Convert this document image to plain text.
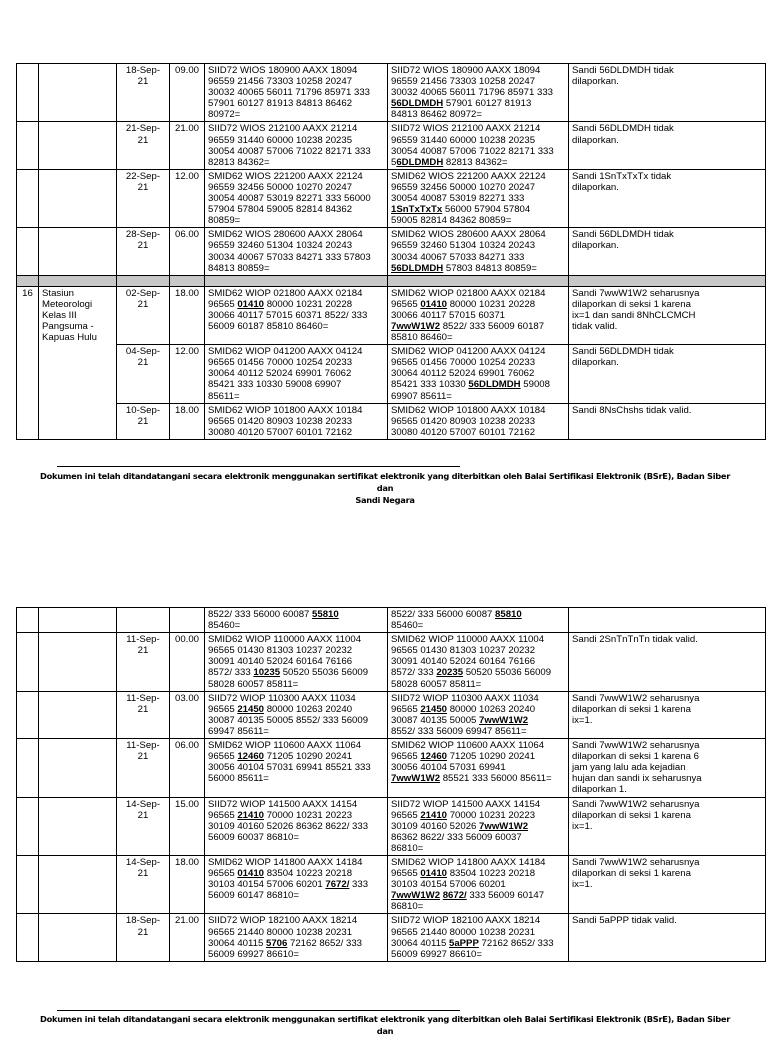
		18-Sep-
21	09.00	SIID72 WIOS 180900 AAXX 18094
96559 21456 73303 10258 20247
30032 40065 56011 71796 85971 333
57901 60127 81913 84813 86462
80972=	SIID72 WIOS 180900 AAXX 18094
96559 21456 73303 10258 20247
30032 40065 56011 71796 85971 333
56DLDMDH 57901 60127 81913
84813 86462 80972=	Sandi 56DLDMDH tidak
dilaporkan.

		21-Sep-
21	21.00	SIID72 WIOS 212100 AAXX 21214
96559 31440 60000 10238 20235
30054 40087 57006 71022 82171 333
82813 84362=	SIID72 WIOS 212100 AAXX 21214
96559 31440 60000 10238 20235
30054 40087 57006 71022 82171 333
56DLDMDH 82813 84362=	Sandi 56DLDMDH tidak
dilaporkan.

		22-Sep-
21	12.00	SMID62 WIOS 221200 AAXX 22124
96559 32456 50000 10270 20247
30054 40087 53019 82271 333 56000
57904 57804 59005 82814 84362
80859=	SMID62 WIOS 221200 AAXX 22124
96559 32456 50000 10270 20247
30054 40087 53019 82271 333
1SnTxTxTx 56000 57904 57804
59005 82814 84362 80859=	Sandi 1SnTxTxTx tidak
dilaporkan.

		28-Sep-
21	06.00	SMID62 WIOS 280600 AAXX 28064
96559 32460 51304 10324 20243
30034 40067 57033 84271 333 57803
84813 80859=	SMID62 WIOS 280600 AAXX 28064
96559 32460 51304 10324 20243
30034 40067 57033 84271 333
56DLDMDH 57803 84813 80859=	Sandi 56DLDMDH tidak
dilaporkan.

16	Stasiun
Meteorologi
Kelas III
Pangsuma -
Kapuas Hulu	02-Sep-
21	18.00	SMID62 WIOP 021800 AAXX 02184
96565 01410 80000 10231 20228
30066 40117 57015 60371 8522/ 333
56009 60187 85810 86460=	SMID62 WIOP 021800 AAXX 02184
96565 01410 80000 10231 20228
30066 40117 57015 60371
7wwW1W2 8522/ 333 56009 60187
85810 86460=	Sandi 7wwW1W2 seharusnya
dilaporkan di seksi 1 karena
ix=1 dan sandi 8NhCLCMCH
tidak valid.

		04-Sep-
21	12.00	SMID62 WIOP 041200 AAXX 04124
96565 01456 70000 10254 20233
30064 40112 52024 69901 76062
85421 333 10330 59008 69907
85611=	SMID62 WIOP 041200 AAXX 04124
96565 01456 70000 10254 20233
30064 40112 52024 69901 76062
85421 333 10330 56DLDMDH 59008
69907 85611=	Sandi 56DLDMDH tidak
dilaporkan.

		10-Sep-
21	18.00	SMID62 WIOP 101800 AAXX 10184
96565 01420 80903 10238 20233
30080 40120 57007 60101 72162	SMID62 WIOP 101800 AAXX 10184
96565 01420 80903 10238 20233
30080 40120 57007 60101 72162	Sandi 8NsChshs tidak valid.
Dokumen ini telah ditandatangani secara elektronik menggunakan sertifikat elektronik yang diterbitkan oleh Balai Sertifikasi Elektronik (BSrE), Badan Siber dan
Sandi Negara

				8522/ 333 56000 60087 55810
85460=	8522/ 333 56000 60087 85810
85460=	

		11-Sep-
21	00.00	SMID62 WIOP 110000 AAXX 11004
96565 01430 81303 10237 20232
30091 40140 52024 60164 76166
8572/ 333 10235 50520 55036 56009
58028 60057 85811=	SMID62 WIOP 110000 AAXX 11004
96565 01430 81303 10237 20232
30091 40140 52024 60164 76166
8572/ 333 20235 50520 55036 56009
58028 60057 85811=	Sandi 2SnTnTnTn tidak valid.

		11-Sep-
21	03.00	SIID72 WIOP 110300 AAXX 11034
96565 21450 80000 10263 20240
30087 40135 50005 8552/ 333 56009
69947 85611=	SIID72 WIOP 110300 AAXX 11034
96565 21450 80000 10263 20240
30087 40135 50005 7wwW1W2
8552/ 333 56009 69947 85611=	Sandi 7wwW1W2 seharusnya
dilaporkan di seksi 1 karena
ix=1.

		11-Sep-
21	06.00	SMID62 WIOP 110600 AAXX 11064
96565 12460 71205 10290 20241
30056 40104 57031 69941 85521 333
56000 85611=	SMID62 WIOP 110600 AAXX 11064
96565 12460 71205 10290 20241
30056 40104 57031 69941
7wwW1W2 85521 333 56000 85611=	Sandi 7wwW1W2 seharusnya
dilaporkan di seksi 1 karena 6
jam yang lalu ada kejadian
hujan dan sandi ix seharusnya
dilaporkan 1.

		14-Sep-
21	15.00	SIID72 WIOP 141500 AAXX 14154
96565 21410 70000 10231 20223
30109 40160 52026 86362 8622/ 333
56009 60037 86810=	SIID72 WIOP 141500 AAXX 14154
96565 21410 70000 10231 20223
30109 40160 52026 7wwW1W2
86362 8622/ 333 56009 60037
86810=	Sandi 7wwW1W2 seharusnya
dilaporkan di seksi 1 karena
ix=1.

		14-Sep-
21	18.00	SMID62 WIOP 141800 AAXX 14184
96565 01410 83504 10223 20218
30103 40154 57006 60201 7672/ 333
56009 60147 86810=	SMID62 WIOP 141800 AAXX 14184
96565 01410 83504 10223 20218
30103 40154 57006 60201
7wwW1W2 8672/ 333 56009 60147
86810=	Sandi 7wwW1W2 seharusnya
dilaporkan di seksi 1 karena
ix=1.

		18-Sep-
21	21.00	SIID72 WIOP 182100 AAXX 18214
96565 21440 80000 10238 20231
30064 40115 5706 72162 8652/ 333
56009 69927 86610=	SIID72 WIOP 182100 AAXX 18214
96565 21440 80000 10238 20231
30064 40115 5aPPP 72162 8652/ 333
56009 69927 86610=	Sandi 5aPPP tidak valid.
Dokumen ini telah ditandatangani secara elektronik menggunakan sertifikat elektronik yang diterbitkan oleh Balai Sertifikasi Elektronik (BSrE), Badan Siber dan
